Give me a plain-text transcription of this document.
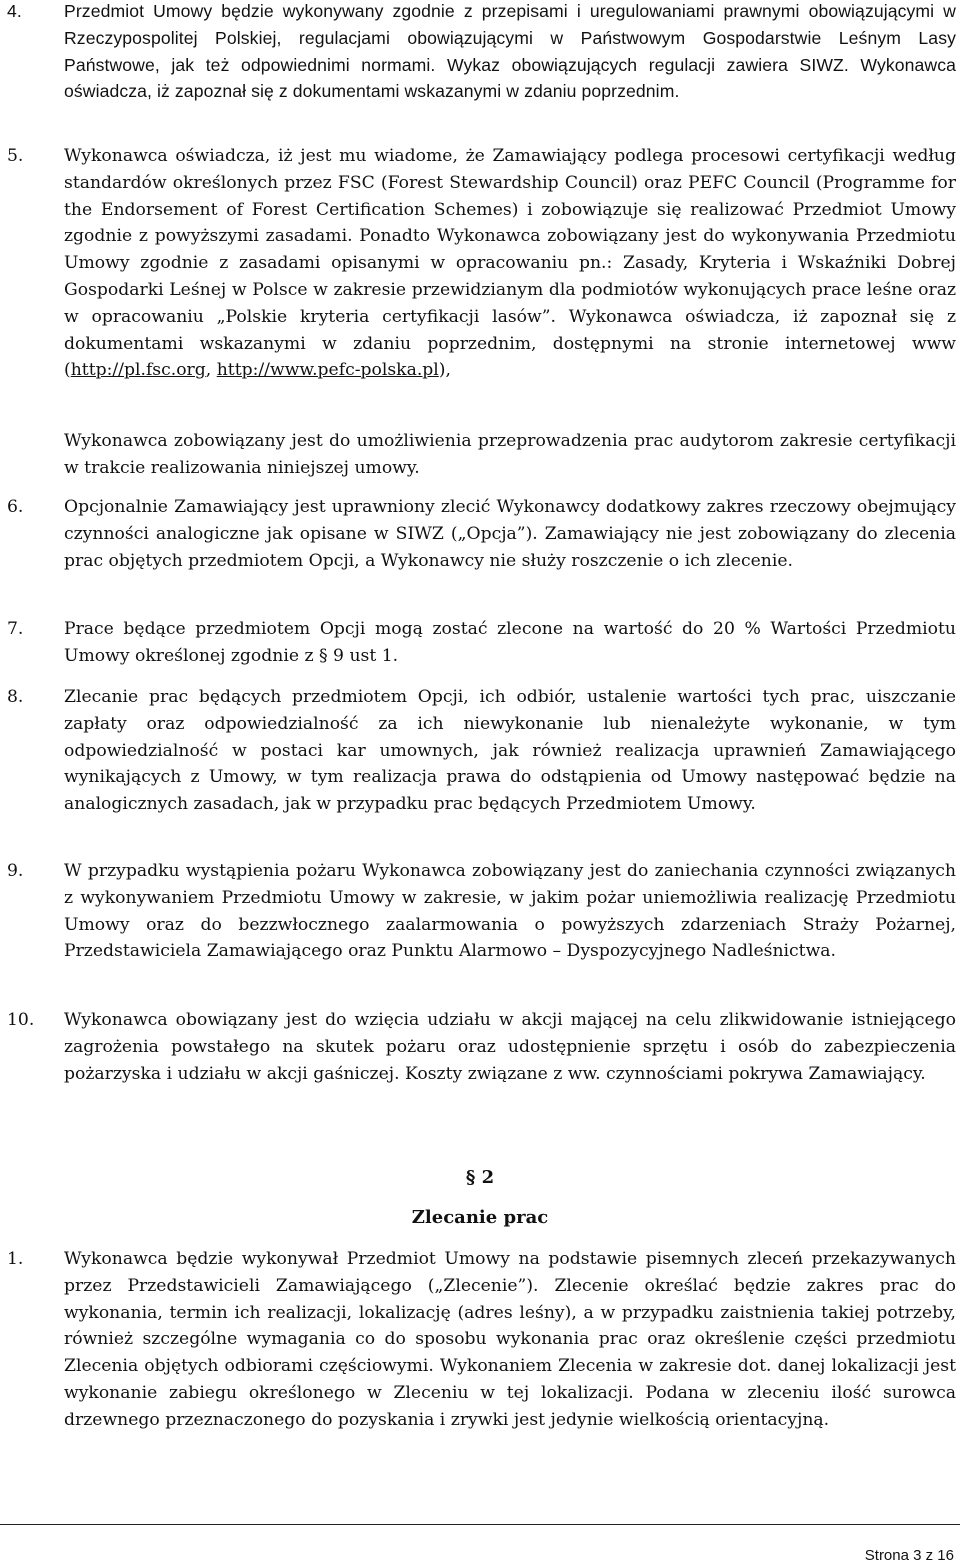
4.	Przedmiot Umowy będzie wykonywany zgodnie z przepisami i uregulowaniami prawnymi obowiązującymi w Rzeczypospolitej Polskiej, regulacjami obowiązującymi w Państwowym Gospodarstwie Leśnym Lasy Państwowe, jak też odpowiednimi normami. Wykaz obowiązujących regulacji zawiera SIWZ. Wykonawca oświadcza, iż zapoznał się z dokumentami wskazanymi w zdaniu poprzednim.
5.	Wykonawca oświadcza, iż jest mu wiadome, że Zamawiający podlega procesowi certyfikacji według standardów określonych przez FSC (Forest Stewardship Council) oraz PEFC Council (Programme for the Endorsement of Forest Certification Schemes) i zobowiązuje się realizować Przedmiot Umowy zgodnie z powyższymi zasadami. Ponadto Wykonawca zobowiązany jest do wykonywania Przedmiotu Umowy zgodnie z zasadami opisanymi w opracowaniu pn.: Zasady, Kryteria i Wskaźniki Dobrej Gospodarki Leśnej w Polsce w zakresie przewidzianym dla podmiotów wykonujących prace leśne oraz w opracowaniu „Polskie kryteria certyfikacji lasów”. Wykonawca oświadcza, iż zapoznał się z dokumentami wskazanymi w zdaniu poprzednim, dostępnymi na stronie internetowej www (http://pl.fsc.org, http://www.pefc-polska.pl),
Wykonawca zobowiązany jest do umożliwienia przeprowadzenia prac audytorom zakresie certyfikacji w trakcie realizowania niniejszej umowy.
6.	Opcjonalnie Zamawiający jest uprawniony zlecić Wykonawcy dodatkowy zakres rzeczowy obejmujący czynności analogiczne jak opisane w SIWZ („Opcja”). Zamawiający nie jest zobowiązany do zlecenia prac objętych przedmiotem Opcji, a Wykonawcy nie służy roszczenie o ich zlecenie.
7.	Prace będące przedmiotem Opcji mogą zostać zlecone na wartość do 20 % Wartości Przedmiotu Umowy określonej zgodnie z § 9 ust 1.
8.	Zlecanie prac będących przedmiotem Opcji, ich odbiór, ustalenie wartości tych prac, uiszczanie zapłaty oraz odpowiedzialność za ich niewykonanie lub nienależyte wykonanie, w tym odpowiedzialność w postaci kar umownych, jak również realizacja uprawnień Zamawiającego wynikających z Umowy, w tym realizacja prawa do odstąpienia od Umowy następować będzie na analogicznych zasadach, jak w przypadku prac będących Przedmiotem Umowy.
9.	W przypadku wystąpienia pożaru Wykonawca zobowiązany jest do zaniechania czynności związanych z wykonywaniem Przedmiotu Umowy w zakresie, w jakim pożar uniemożliwia realizację Przedmiotu Umowy oraz do bezzwłocznego zaalarmowania o powyższych zdarzeniach Straży Pożarnej, Przedstawiciela Zamawiającego oraz Punktu Alarmowo – Dyspozycyjnego Nadleśnictwa.
10.	Wykonawca obowiązany jest do wzięcia udziału w akcji mającej na celu zlikwidowanie istniejącego zagrożenia powstałego na skutek pożaru oraz udostępnienie sprzętu i osób do zabezpieczenia pożarzyska i udziału w akcji gaśniczej. Koszty związane z ww. czynnościami pokrywa Zamawiający.
§ 2
Zlecanie prac
1.	Wykonawca będzie wykonywał Przedmiot Umowy na podstawie pisemnych zleceń przekazywanych przez Przedstawicieli Zamawiającego („Zlecenie”). Zlecenie określać będzie zakres prac do wykonania, termin ich realizacji, lokalizację (adres leśny), a w przypadku zaistnienia takiej potrzeby, również szczególne wymagania co do sposobu wykonania prac oraz określenie części przedmiotu Zlecenia objętych odbiorami częściowymi. Wykonaniem Zlecenia w zakresie dot. danej lokalizacji jest wykonanie zabiegu określonego w Zleceniu w tej lokalizacji. Podana w zleceniu ilość surowca drzewnego przeznaczonego do pozyskania i zrywki jest jedynie wielkością orientacyjną.
Strona 3 z 16
